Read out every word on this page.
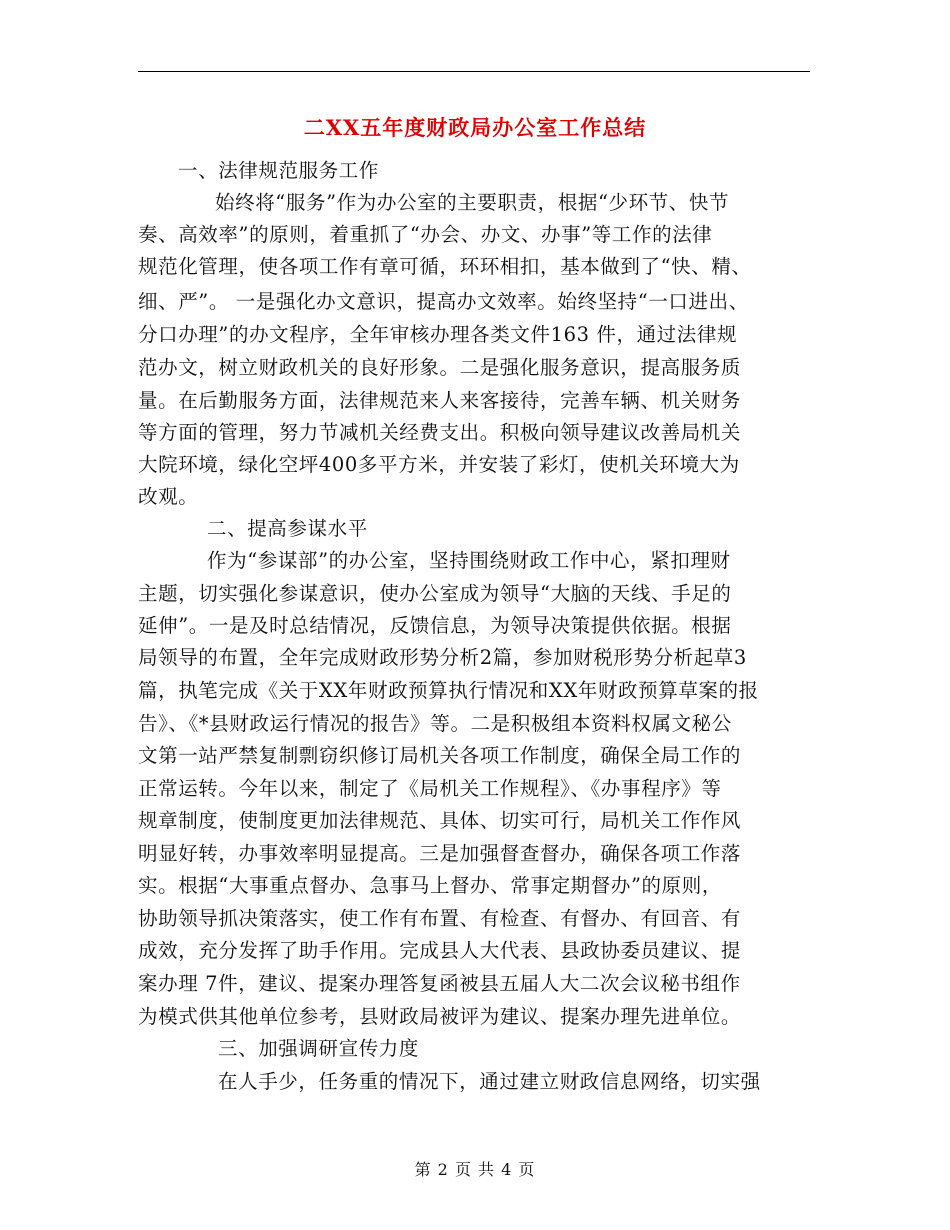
二XX五年度财政局办公室工作总结
一、法律规范服务工作
始终将“服务”作为办公室的主要职责，根据“少环节、快节
奏、高效率”的原则，着重抓了“办会、办文、办事”等工作的法律
规范化管理，使各项工作有章可循，环环相扣，基本做到了“快、精、
细、严”。 一是强化办文意识，提高办文效率。始终坚持“一口进出、
分口办理”的办文程序，全年审核办理各类文件163 件，通过法律规
范办文，树立财政机关的良好形象。二是强化服务意识，提高服务质
量。在后勤服务方面，法律规范来人来客接待，完善车辆、机关财务
等方面的管理，努力节减机关经费支出。积极向领导建议改善局机关
大院环境，绿化空坪400多平方米，并安装了彩灯，使机关环境大为
改观。
二、提高参谋水平
作为“参谋部”的办公室，坚持围绕财政工作中心，紧扣理财
主题，切实强化参谋意识，使办公室成为领导“大脑的天线、手足的
延伸”。一是及时总结情况，反馈信息，为领导决策提供依据。根据
局领导的布置，全年完成财政形势分析2篇，参加财税形势分析起草3
篇，执笔完成《关于XX年财政预算执行情况和XX年财政预算草案的报
告》、《*县财政运行情况的报告》等。二是积极组本资料权属文秘公
文第一站严禁复制剽窃织修订局机关各项工作制度，确保全局工作的
正常运转。今年以来，制定了《局机关工作规程》、《办事程序》等
规章制度，使制度更加法律规范、具体、切实可行，局机关工作作风
明显好转，办事效率明显提高。三是加强督查督办，确保各项工作落
实。根据“大事重点督办、急事马上督办、常事定期督办”的原则，
协助领导抓决策落实，使工作有布置、有检查、有督办、有回音、有
成效，充分发挥了助手作用。完成县人大代表、县政协委员建议、提
案办理 7件，建议、提案办理答复函被县五届人大二次会议秘书组作
为模式供其他单位参考，县财政局被评为建议、提案办理先进单位。
三、加强调研宣传力度
在人手少，任务重的情况下，通过建立财政信息网络，切实强
第 2 页 共 4 页
